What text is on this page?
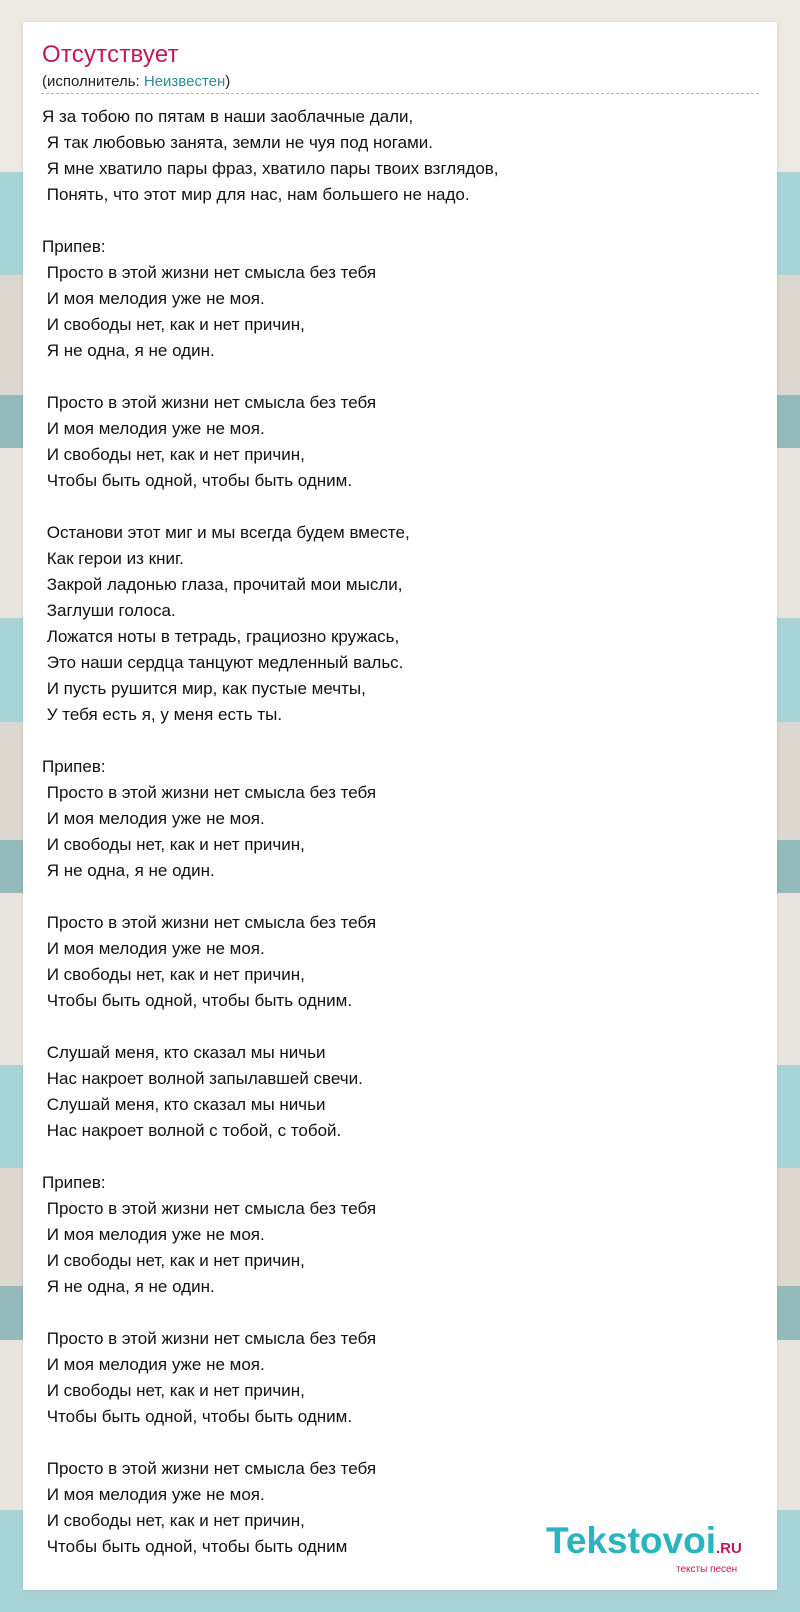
Отсутствует
(исполнитель: Неизвестен)
Я за тобою по пятам в наши заоблачные дали,
Я так любовью занята, земли не чуя под ногами.
Я мне хватило пары фраз, хватило пары твоих взглядов,
Понять, что этот мир для нас, нам большего не надо.

Припев:
Просто в этой жизни нет смысла без тебя
И моя мелодия уже не моя.
И свободы нет, как и нет причин,
Я не одна, я не один.

Просто в этой жизни нет смысла без тебя
И моя мелодия уже не моя.
И свободы нет, как и нет причин,
Чтобы быть одной, чтобы быть одним.

Останови этот миг и мы всегда будем вместе,
Как герои из книг.
Закрой ладонью глаза, прочитай мои мысли,
Заглуши голоса.
Ложатся ноты в тетрадь, грациозно кружась,
Это наши сердца танцуют медленный вальс.
И пусть рушится мир, как пустые мечты,
У тебя есть я, у меня есть ты.

Припев:
Просто в этой жизни нет смысла без тебя
И моя мелодия уже не моя.
И свободы нет, как и нет причин,
Я не одна, я не один.

Просто в этой жизни нет смысла без тебя
И моя мелодия уже не моя.
И свободы нет, как и нет причин,
Чтобы быть одной, чтобы быть одним.

Слушай меня, кто сказал мы ничьи
Нас накроет волной запылавшей свечи.
Слушай меня, кто сказал мы ничьи
Нас накроет волной с тобой, с тобой.

Припев:
Просто в этой жизни нет смысла без тебя
И моя мелодия уже не моя.
И свободы нет, как и нет причин,
Я не одна, я не один.

Просто в этой жизни нет смысла без тебя
И моя мелодия уже не моя.
И свободы нет, как и нет причин,
Чтобы быть одной, чтобы быть одним.

Просто в этой жизни нет смысла без тебя
И моя мелодия уже не моя.
И свободы нет, как и нет причин,
Чтобы быть одной, чтобы быть одним	Tekstovoi.RU
тексты песен
